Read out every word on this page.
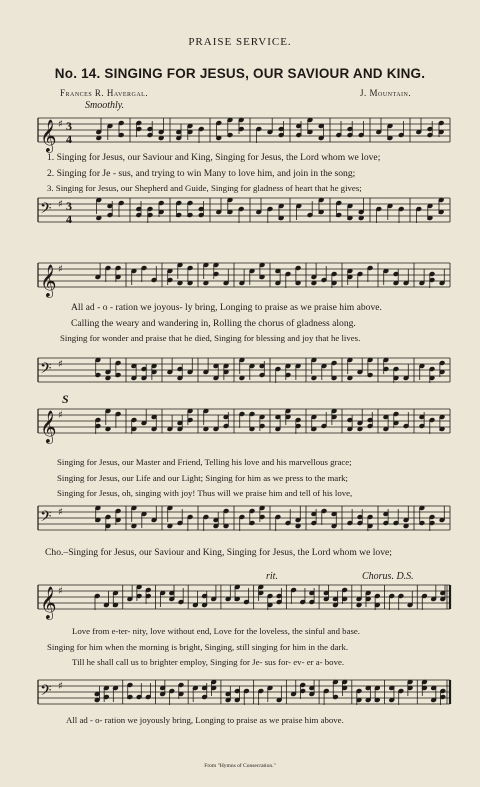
PRAISE SERVICE.
No. 14. SINGING FOR JESUS, OUR SAVIOUR AND KING.
Frances R. Havergal.	J. Mountain.
Smoothly.
𝄞 ♯ 3
4
𝄢 ♯ 3
4
𝄞 ♯
𝄢 ♯
𝄞 ♯
𝄢 ♯
𝄞 ♯
𝄢 ♯
1. Singing for Jesus, our Saviour and King, Singing for Jesus, the Lord whom we love;
2. Singing for Je - sus, and trying to win Many to love him, and join in the song;
3. Singing for Jesus, our Shepherd and Guide, Singing for gladness of heart that he gives;
All ad - o - ration we joyous- ly bring, Longing to praise as we praise him above.
Calling the weary and wandering in, Rolling the chorus of gladness along.
Singing for wonder and praise that he died, Singing for blessing and joy that he lives.
S
Singing for Jesus, our Master and Friend, Telling his love and his marvellous grace;
Singing for Jesus, our Life and our Light; Singing for him as we press to the mark;
Singing for Jesus, oh, singing with joy! Thus will we praise him and tell of his love,
Cho.–Singing for Jesus, our Saviour and King, Singing for Jesus, the Lord whom we love;
rit.	Chorus. D.S.
Love from e-ter- nity, love without end, Love for the loveless, the sinful and base.
Singing for him when the morning is bright, Singing, still singing for him in the dark.
Till he shall call us to brighter employ, Singing for Je- sus for- ev- er a- bove.
All ad - o- ration we joyously bring, Longing to praise as we praise him above.
From "Hymns of Consecration."
